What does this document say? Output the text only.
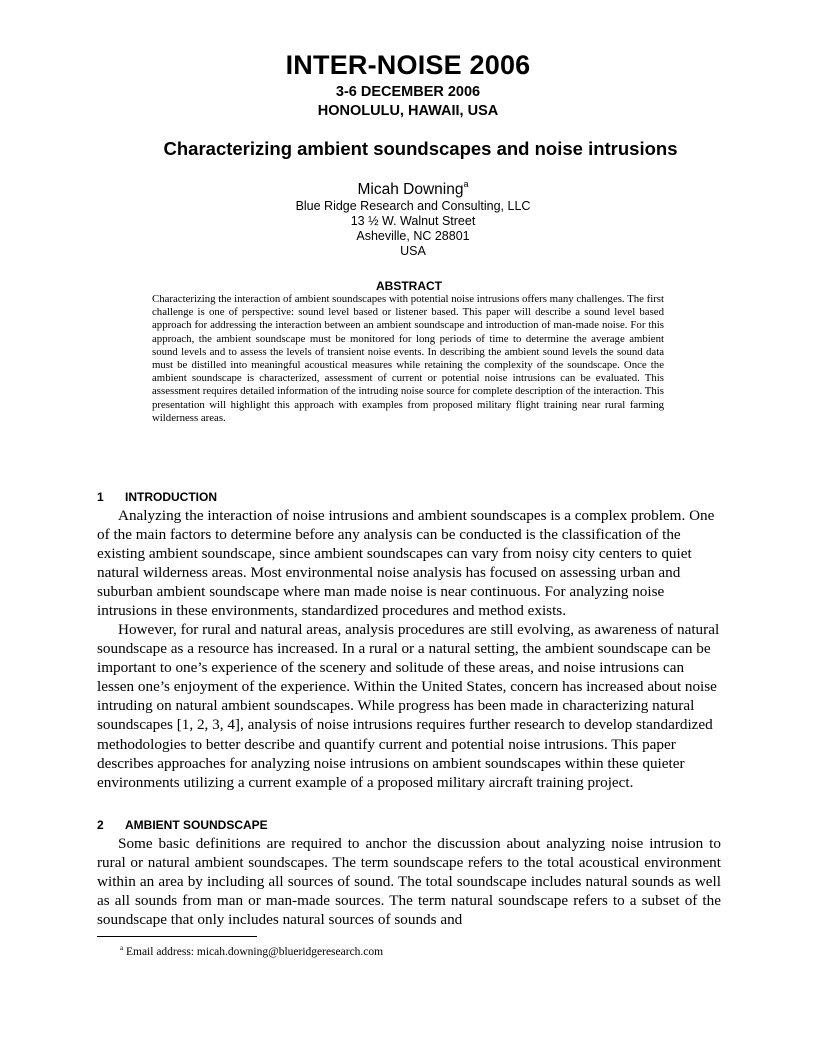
INTER-NOISE 2006
3-6 DECEMBER 2006
HONOLULU, HAWAII, USA
Characterizing ambient soundscapes and noise intrusions
Micah Downing$^a$
Blue Ridge Research and Consulting, LLC
13 ½ W. Walnut Street
Asheville, NC 28801
USA
ABSTRACT
Characterizing the interaction of ambient soundscapes with potential noise intrusions offers many challenges. The first challenge is one of perspective: sound level based or listener based. This paper will describe a sound level based approach for addressing the interaction between an ambient soundscape and introduction of man-made noise. For this approach, the ambient soundscape must be monitored for long periods of time to determine the average ambient sound levels and to assess the levels of transient noise events. In describing the ambient sound levels the sound data must be distilled into meaningful acoustical measures while retaining the complexity of the soundscape. Once the ambient soundscape is characterized, assessment of current or potential noise intrusions can be evaluated. This assessment requires detailed information of the intruding noise source for complete description of the interaction. This presentation will highlight this approach with examples from proposed military flight training near rural farming wilderness areas.
1 INTRODUCTION
Analyzing the interaction of noise intrusions and ambient soundscapes is a complex problem. One of the main factors to determine before any analysis can be conducted is the classification of the existing ambient soundscape, since ambient soundscapes can vary from noisy city centers to quiet natural wilderness areas. Most environmental noise analysis has focused on assessing urban and suburban ambient soundscape where man made noise is near continuous. For analyzing noise intrusions in these environments, standardized procedures and method exists.
However, for rural and natural areas, analysis procedures are still evolving, as awareness of natural soundscape as a resource has increased. In a rural or a natural setting, the ambient soundscape can be important to one’s experience of the scenery and solitude of these areas, and noise intrusions can lessen one’s enjoyment of the experience. Within the United States, concern has increased about noise intruding on natural ambient soundscapes. While progress has been made in characterizing natural soundscapes [1, 2, 3, 4], analysis of noise intrusions requires further research to develop standardized methodologies to better describe and quantify current and potential noise intrusions. This paper describes approaches for analyzing noise intrusions on ambient soundscapes within these quieter environments utilizing a current example of a proposed military aircraft training project.
2 AMBIENT SOUNDSCAPE
Some basic definitions are required to anchor the discussion about analyzing noise intrusion to rural or natural ambient soundscapes. The term soundscape refers to the total acoustical environment within an area by including all sources of sound. The total soundscape includes natural sounds as well as all sounds from man or man-made sources. The term natural soundscape refers to a subset of the soundscape that only includes natural sources of sounds and
$^a$ Email address: micah.downing@blueridgeresearch.com
